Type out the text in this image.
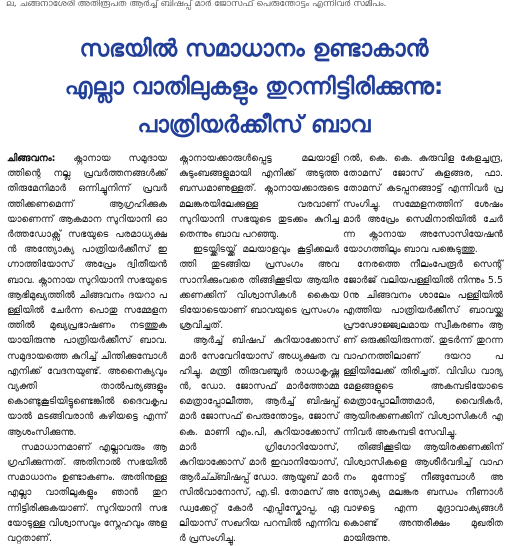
ല, ചങ്ങനാശേരി അതിരൂപത ആർച്ച് ബിഷപ്പ് മാർ ജോസഫ് പെരുന്തോട്ടം എന്നിവർ സമീപം.
സഭയിൽ സമാധാനം ഉണ്ടാകാൻ
എല്ലാ വാതിലുകളും തുറന്നിട്ടിരിക്കുന്നു:
പാത്രിയർക്കീസ് ബാവ

ചിങ്ങവനം: ക്നാനായ സമുദായത്തിന്റെ നല്ല പ്രവർത്തനങ്ങൾക്ക് തിരുമേനിമാർ ഒന്നിച്ചുനിന്ന് പ്രവർത്തിക്കണമെന്ന് ആഗ്രഹിക്കുകയാണെന്ന് ആകമാന സുറിയാനി ഓർത്തഡോക്സ് സഭയുടെ പരമാധ്യക്ഷൻ അന്ത്യോക്യ പാത്രിയർക്കീസ് ഇഗ്നാത്തിയോസ് അപ്രേം ദ്വിതീയൻ ബാവ. ക്നാനായ സുറിയാനി സഭയുടെ ആഭിമുഖ്യത്തിൽ ചിങ്ങവനം ദയറാ പള്ളിയിൽ ചേർന്ന പൊതു സമ്മേളനത്തിൽ മുഖ്യപ്രഭാഷണം നടത്തുകയായിരുന്നു പാത്രിയർക്കീസ് ബാവ. സമുദായത്തെ കുറിച്ച് ചിന്തിക്കുമ്പോൾ എനിക്ക് വേദനയുണ്ട്. അനൈക്യവും വ്യക്തി താൽപര്യങ്ങളും കൊണ്ടുകൂടിയിട്ടുണ്ടെങ്കിൽ ദൈവകൃപയാൽ മടങ്ങിവരാൻ കഴിയട്ടെ എന്ന് ആശംസിക്കുന്നു.

സമാധാനമാണ് എല്ലാവരും ആഗ്രഹിക്കുന്നത്. അതിനാൽ സഭയിൽ സമാധാനം ഉണ്ടാകണം. അതിനുള്ള എല്ലാ വാതിലുകളും ഞാൻ തുറന്നിട്ടിരിക്കുകയാണ്. സുറിയാനി സഭയോടുള്ള വിശ്വാസവും സ്നേഹവും അളവറ്റതാണ്.

ക്നാനായക്കാരുൾപ്പെട്ട മലയാളി കുടുംബങ്ങളുമായി എനിക്ക് അടുത്ത ബന്ധമാണുള്ളത്. ക്നാനായക്കാരുടെ മലങ്കരയിലേക്കുള്ള വരവാണ് സുറിയാനി സഭയുടെ തുടക്കം കുറിച്ചതെന്നും ബാവ പറഞ്ഞു.

ഇടയ്ക്കിടയ്ക്ക് മലയാളവും കൂട്ടിക്കലർത്തി തുടങ്ങിയ പ്രസംഗം അവസാനിക്കുംവരെ തിങ്ങിക്കൂടിയ ആയിരക്കണക്കിന് വിശ്വാസികൾ കൈയടിയോടെയാണ് ബാവയുടെ പ്രസംഗം ശ്രവിച്ചത്.

ആർച്ച് ബിഷപ് കുറിയാക്കോസ് മാർ സേവേറിയോസ് അധ്യക്ഷത വഹിച്ചു. മന്ത്രി തിരുവഞ്ചൂർ രാധാകൃഷ്ണൻ, ഡോ. ജോസഫ് മാർത്തോമ്മ മെത്രാപ്പോലീത്ത, ആർച്ച് ബിഷപ്പ് മാർ ജോസഫ് പെരുന്തോട്ടം, ജോസ് കെ. മാണി എം.പി, കുറിയാക്കോസ് മാർ ഗ്രിഗോറിയോസ്, കുറിയാക്കോസ് മാർ ഇവാനിയോസ്, ആർച്ച്ബിഷപ്പ് ഡോ. ആയൂബ് മാർ സിൽവാനോസ്, എ.ടി. തോമസ് അഡ്വക്കേറ്റ് കോർ എപ്പിസ്കോപ്പ, ഏലിയാസ് സഖറിയ പറമ്പിൽ എന്നിവർ പ്രസംഗിച്ചു.

റൽ, കെ. കെ. കുരുവിള കേളച്ചന്ദ്ര, തോമസ് ജോസ് കുളങ്ങര, ഫാ. തോമസ് കടപ്പനങ്ങാട്ട് എന്നിവർ പ്രസംഗിച്ചു. സമ്മേളനത്തിന് ശേഷം മാർ അപ്രേം സെമിനാരിയിൽ ചേർന്ന ക്നാനായ അസോസിയേഷൻ യോഗത്തിലും ബാവ പങ്കെടുത്തു.

നേരത്തെ നീലംപേരൂർ സെന്റ് ജോർജ് വലിയപള്ളിയിൽ നിന്നും 5.50നു ചിങ്ങവനം ശാലേം പള്ളിയിൽ എത്തിയ പാത്രിയർക്കീസ് ബാവയ്ക്കു പ്രൗഢോജ്ജ്വലമായ സ്വീകരണം ആണ് ഒരുക്കിയിരുന്നത്. തുടർന്ന് തുറന്ന വാഹനത്തിലാണ് ദയറാ പള്ളിയിലേക്ക് തിരിച്ചത്. വിവിധ വാദ്യമേളങ്ങളുടെ അകമ്പടിയോടെ മെത്രാപ്പോലീത്തമാർ, വൈദികർ, ആയിരക്കണക്കിന് വിശ്വാസികൾ എന്നിവർ അകമ്പടി സേവിച്ചു.

തിങ്ങിക്കൂടിയ ആയിരക്കണക്കിന് വിശ്വാസികളെ ആശീർവദിച്ച് വാഹനം മുന്നോട്ട് നീങ്ങുമ്പോൾ അന്ത്യോക്യ മലങ്കര ബന്ധം നീണാൾ വാഴട്ടെ എന്ന മുദ്രാവാക്യങ്ങൾ കൊണ്ട് അന്തരീക്ഷം മുഖരിതമായിരുന്നു.
